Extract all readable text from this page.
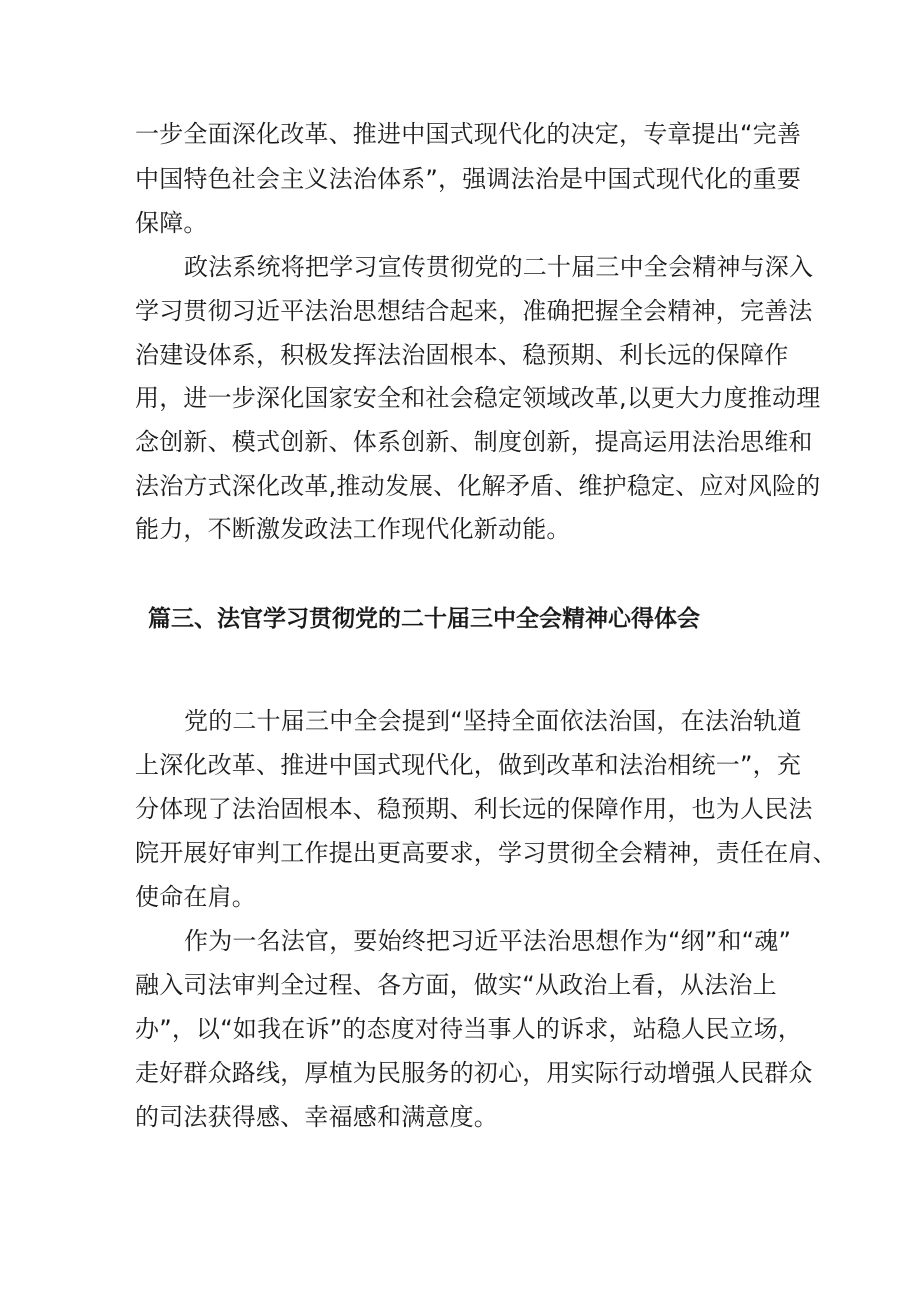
一步全面深化改革、推进中国式现代化的决定，专章提出“完善
中国特色社会主义法治体系”，强调法治是中国式现代化的重要
保障。
政法系统将把学习宣传贯彻党的二十届三中全会精神与深入
学习贯彻习近平法治思想结合起来，准确把握全会精神，完善法
治建设体系，积极发挥法治固根本、稳预期、利长远的保障作
用，进一步深化国家安全和社会稳定领域改革,以更大力度推动理
念创新、模式创新、体系创新、制度创新，提高运用法治思维和
法治方式深化改革,推动发展、化解矛盾、维护稳定、应对风险的
能力，不断激发政法工作现代化新动能。
篇三、法官学习贯彻党的二十届三中全会精神心得体会
党的二十届三中全会提到“坚持全面依法治国，在法治轨道
上深化改革、推进中国式现代化，做到改革和法治相统一”，充
分体现了法治固根本、稳预期、利长远的保障作用，也为人民法
院开展好审判工作提出更高要求，学习贯彻全会精神，责任在肩、
使命在肩。
作为一名法官，要始终把习近平法治思想作为“纲”和“魂”
融入司法审判全过程、各方面，做实“从政治上看，从法治上
办”，以“如我在诉”的态度对待当事人的诉求，站稳人民立场，
走好群众路线，厚植为民服务的初心，用实际行动增强人民群众
的司法获得感、幸福感和满意度。
